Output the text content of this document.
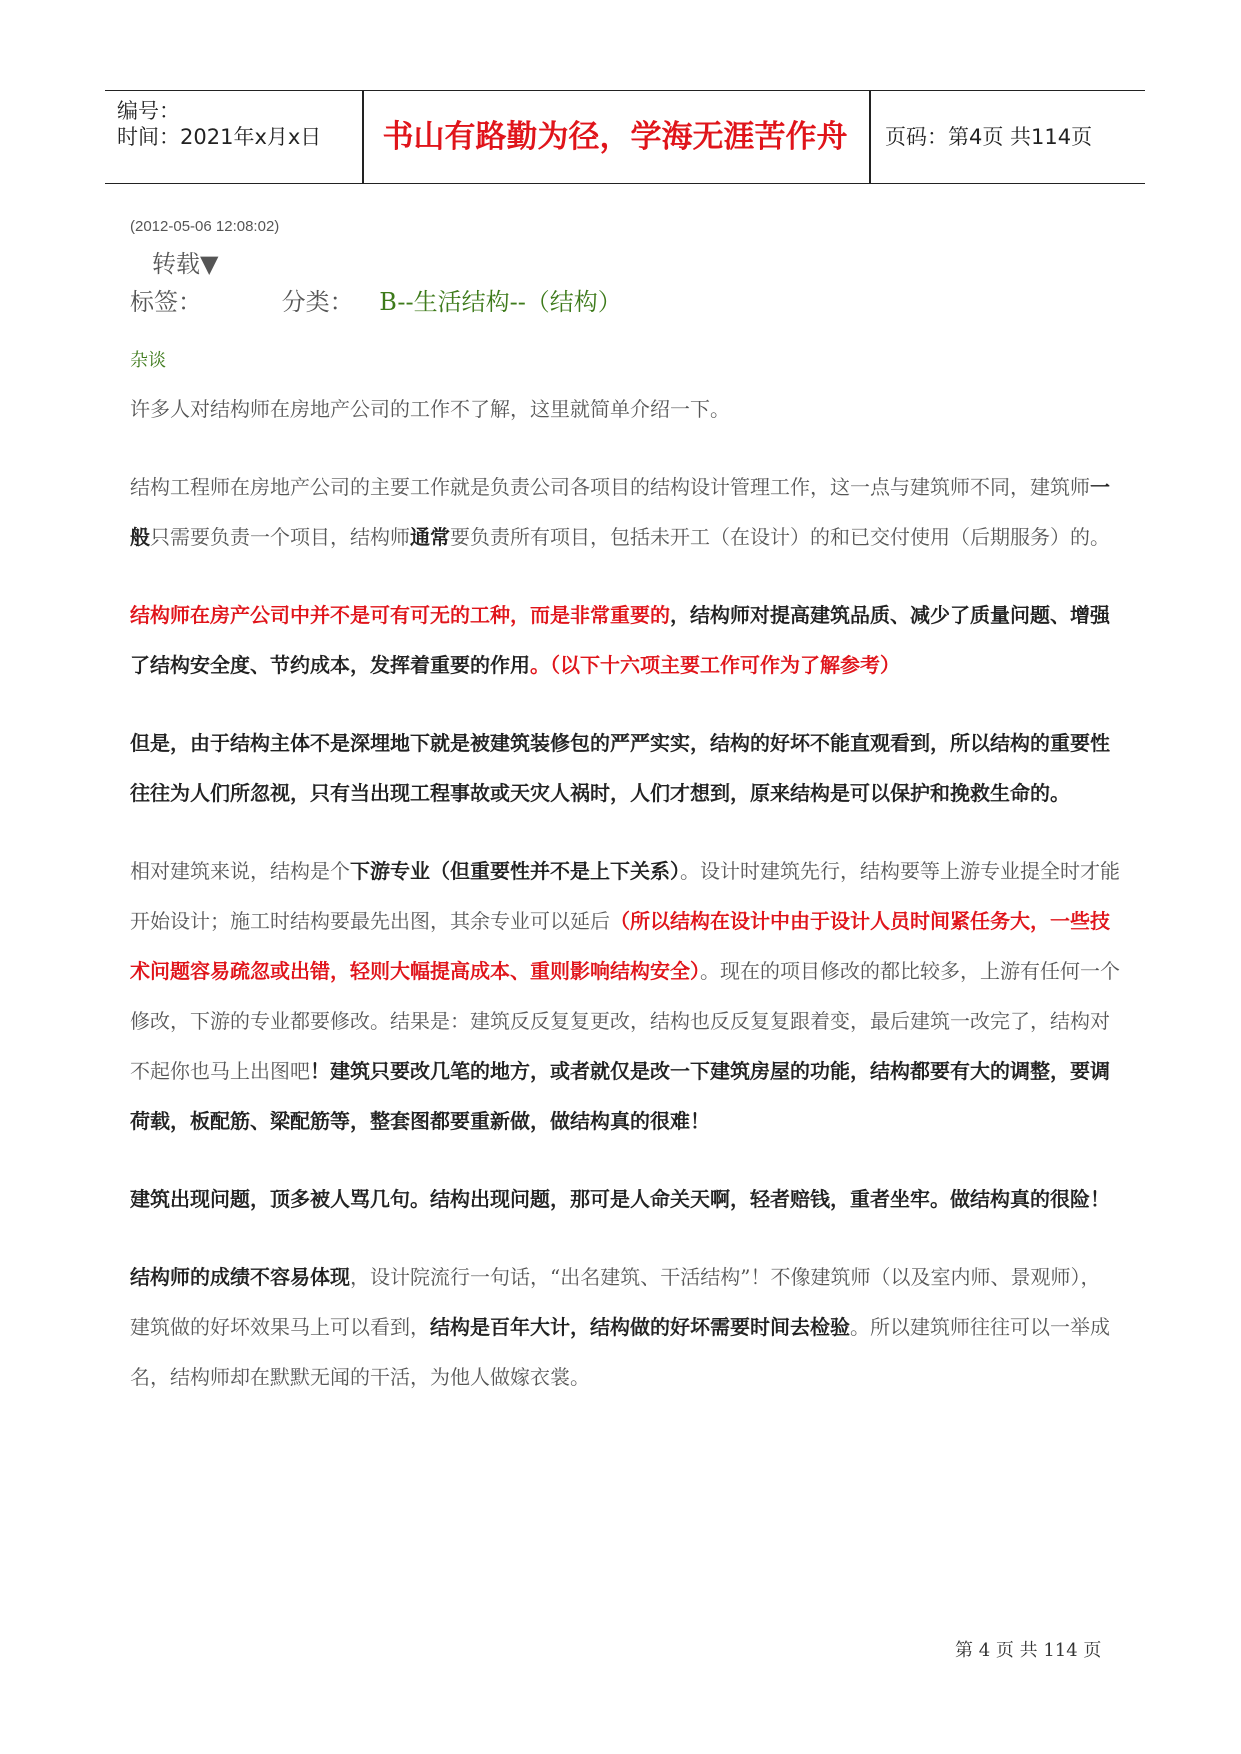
编号：
时间：2021年x月x日	书山有路勤为径，学海无涯苦作舟	页码：第4页 共114页
(2012-05-06 12:08:02)
转载▼
标签：	分类： B--生活结构--（结构）
杂谈

许多人对结构师在房地产公司的工作不了解，这里就简单介绍一下。

结构工程师在房地产公司的主要工作就是负责公司各项目的结构设计管理工作，这一点与建筑师不同，建筑师一般只需要负责一个项目，结构师通常要负责所有项目，包括未开工（在设计）的和已交付使用（后期服务）的。

结构师在房产公司中并不是可有可无的工种，而是非常重要的，结构师对提高建筑品质、减少了质量问题、增强了结构安全度、节约成本，发挥着重要的作用。（以下十六项主要工作可作为了解参考）

但是，由于结构主体不是深埋地下就是被建筑装修包的严严实实，结构的好坏不能直观看到，所以结构的重要性往往为人们所忽视，只有当出现工程事故或天灾人祸时，人们才想到，原来结构是可以保护和挽救生命的。

相对建筑来说，结构是个下游专业（但重要性并不是上下关系）。设计时建筑先行，结构要等上游专业提全时才能开始设计；施工时结构要最先出图，其余专业可以延后（所以结构在设计中由于设计人员时间紧任务大，一些技术问题容易疏忽或出错，轻则大幅提高成本、重则影响结构安全）。现在的项目修改的都比较多，上游有任何一个修改，下游的专业都要修改。结果是：建筑反反复复更改，结构也反反复复跟着变，最后建筑一改完了，结构对不起你也马上出图吧！建筑只要改几笔的地方，或者就仅是改一下建筑房屋的功能，结构都要有大的调整，要调荷载，板配筋、梁配筋等，整套图都要重新做，做结构真的很难！

建筑出现问题，顶多被人骂几句。结构出现问题，那可是人命关天啊，轻者赔钱，重者坐牢。做结构真的很险！

结构师的成绩不容易体现，设计院流行一句话，“出名建筑、干活结构”！不像建筑师（以及室内师、景观师），建筑做的好坏效果马上可以看到，结构是百年大计，结构做的好坏需要时间去检验。所以建筑师往往可以一举成名，结构师却在默默无闻的干活，为他人做嫁衣裳。

第 4 页 共 114 页
